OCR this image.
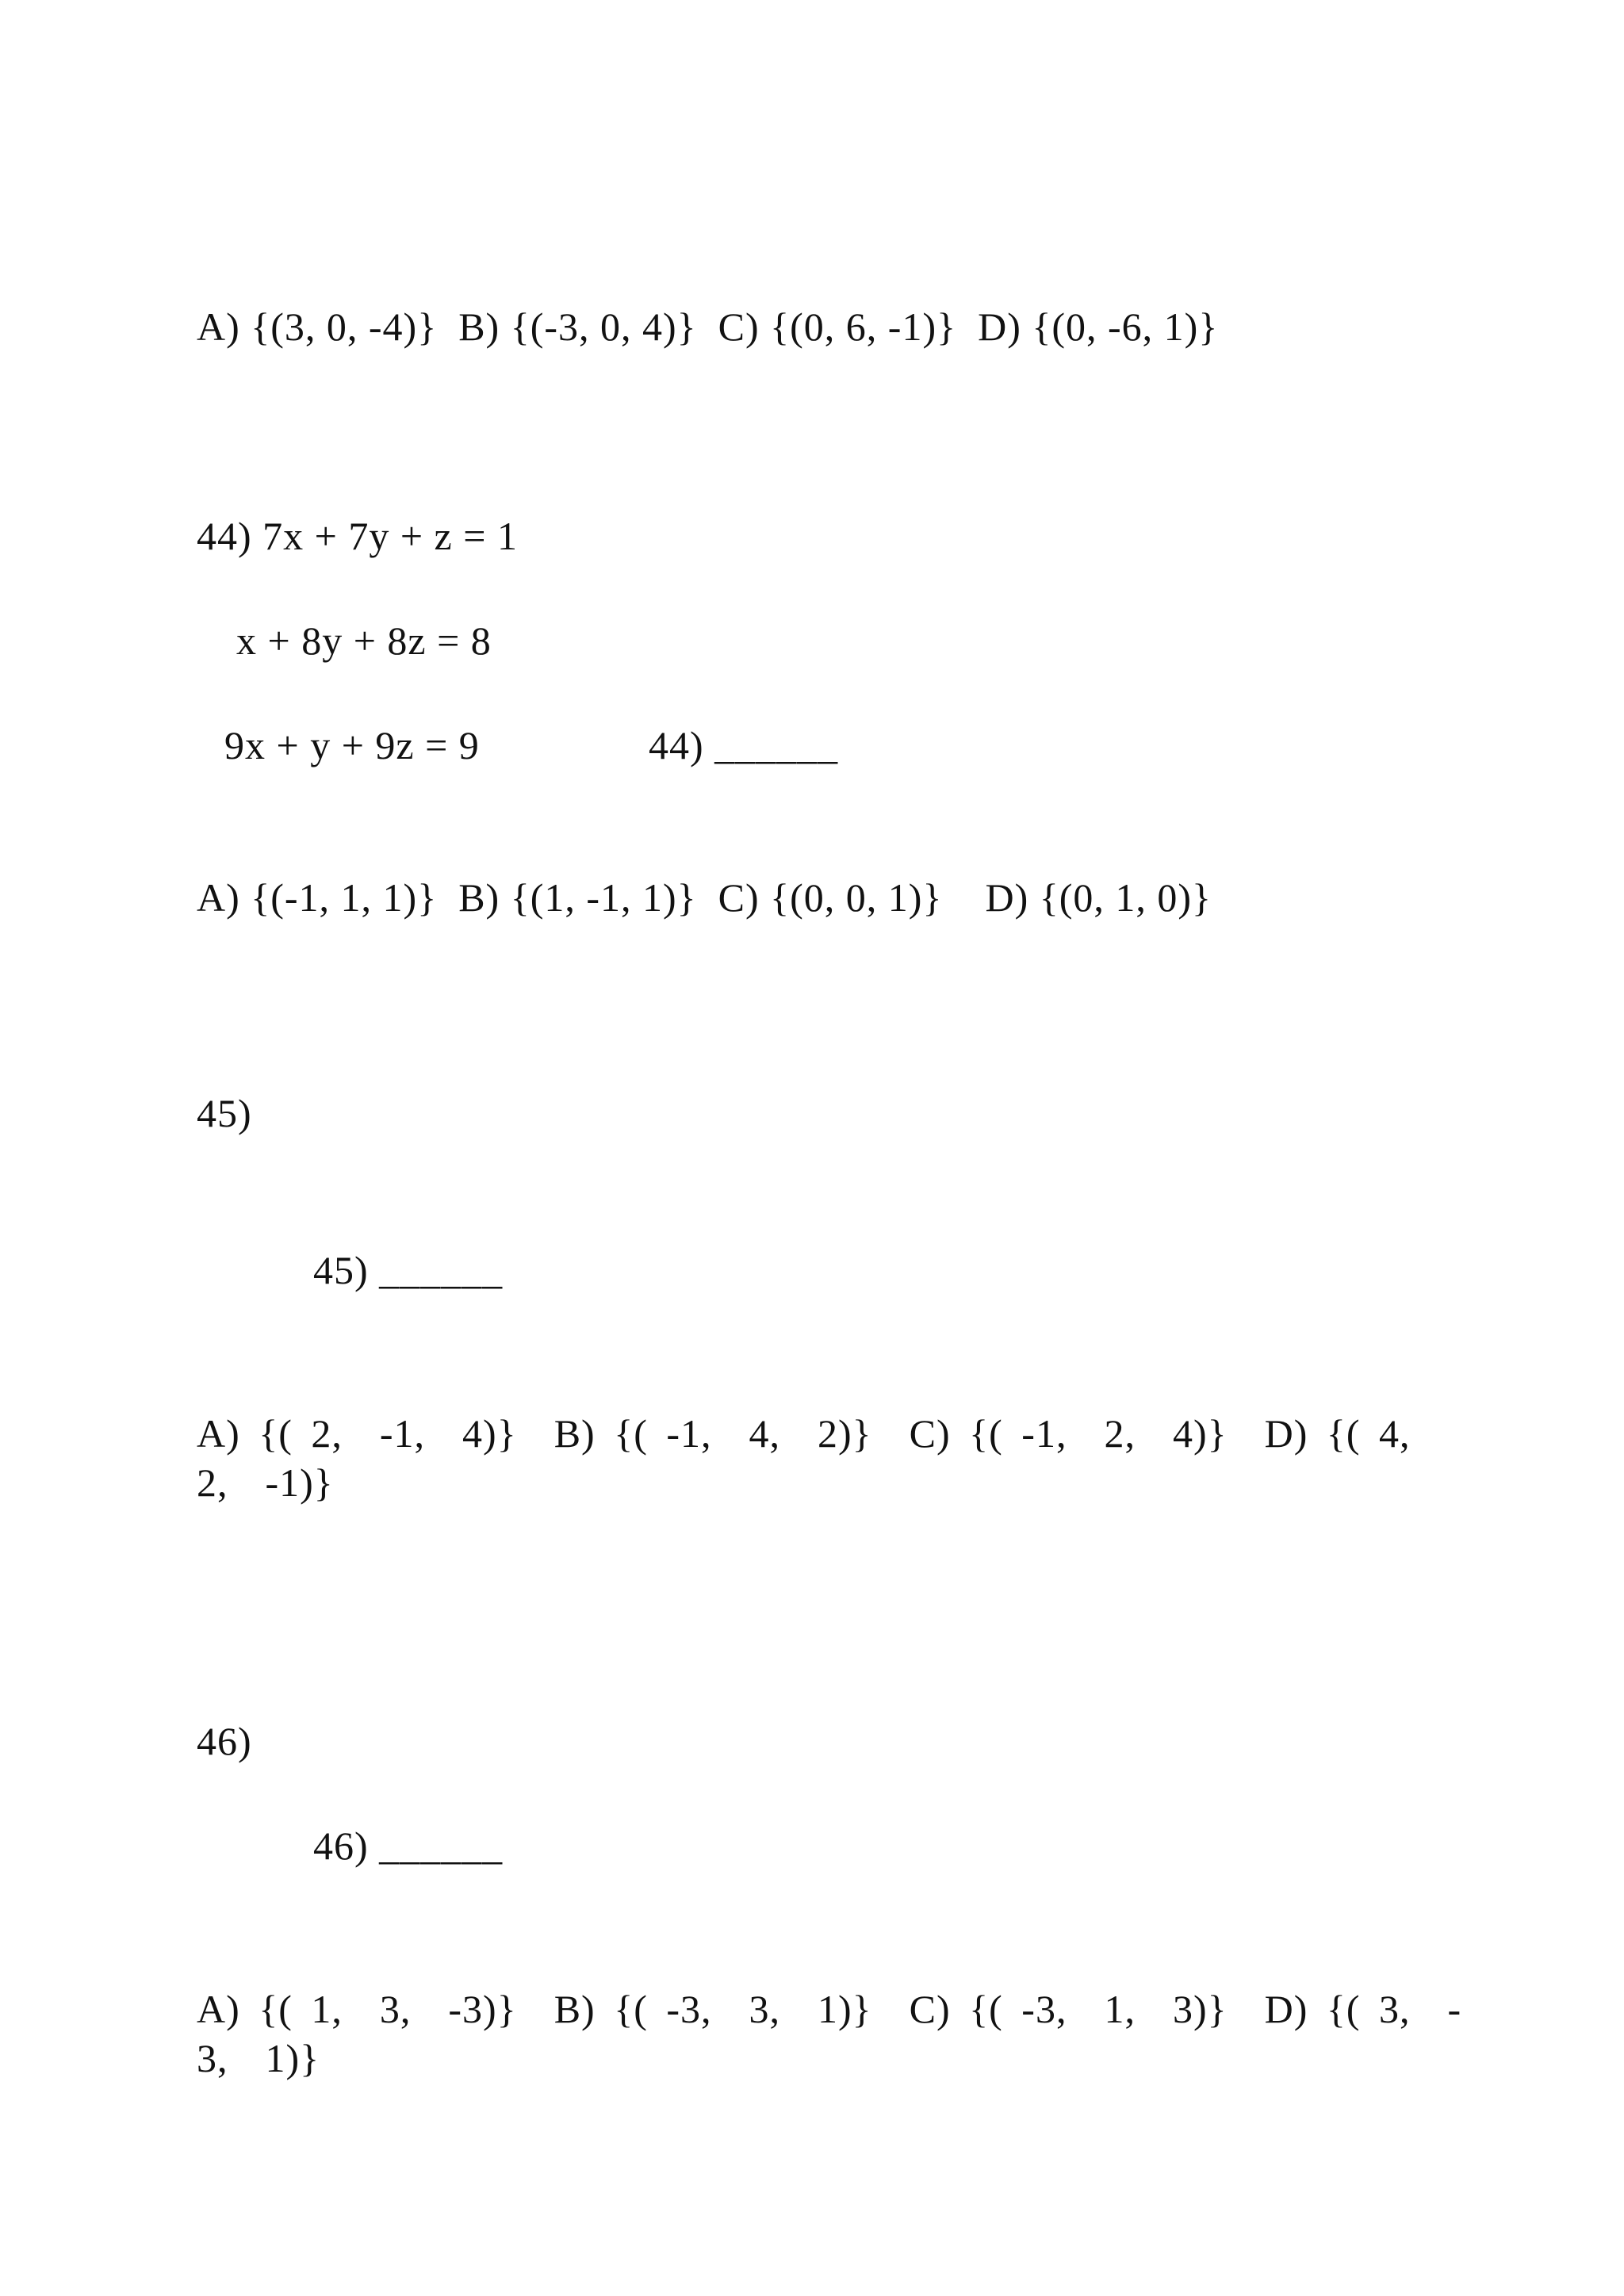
A) {(3, 0, -4)}  B) {(-3, 0, 4)}  C) {(0, 6, -1)}  D) {(0, -6, 1)}
44) 7x + 7y + z = 1
x + 8y + 8z = 8
9x + y + 9z = 9	44) ______
A) {(-1, 1, 1)}  B) {(1, -1, 1)}  C) {(0, 0, 1)}    D) {(0, 1, 0)}
45)
45) ______
A) {( 2,  -1,  4)}  B) {( -1,  4,  2)}  C) {( -1,  2,  4)}  D) {( 4,
2,  -1)}
46)
46) ______
A) {( 1,  3,  -3)}  B) {( -3,  3,  1)}  C) {( -3,  1,  3)}  D) {( 3,  -
3,  1)}
